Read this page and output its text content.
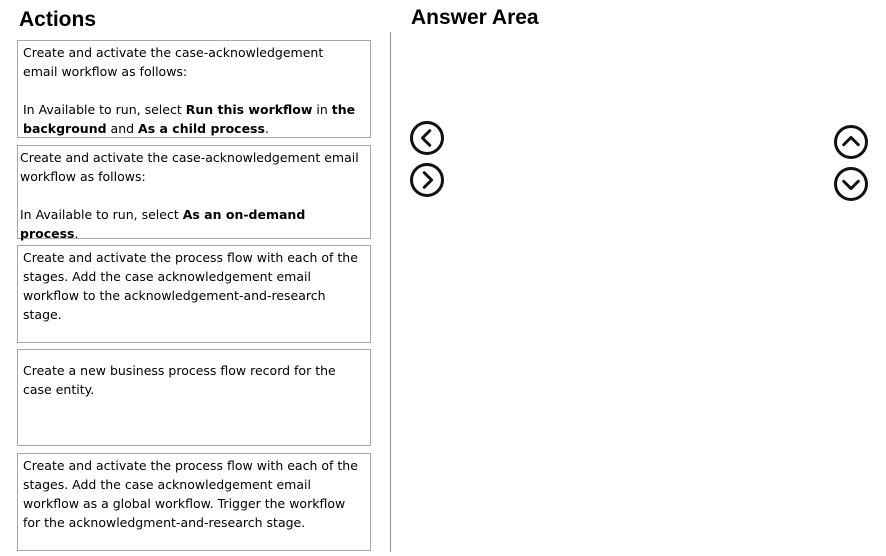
Actions	Answer Area

Create and activate the case-acknowledgement

email workflow as follows:

In Available to run, select Run this workflow in the

background and As a child process.

Create and activate the case-acknowledgement email

workflow as follows:

In Available to run, select As an on-demand process.

Create and activate the process flow with each of the

stages. Add the case acknowledgement email

workflow to the acknowledgement-and-research

stage.

Create a new business process flow record for the

case entity.

Create and activate the process flow with each of the

stages. Add the case acknowledgement email

workflow as a global workflow. Trigger the workflow

for the acknowledgment-and-research stage.
